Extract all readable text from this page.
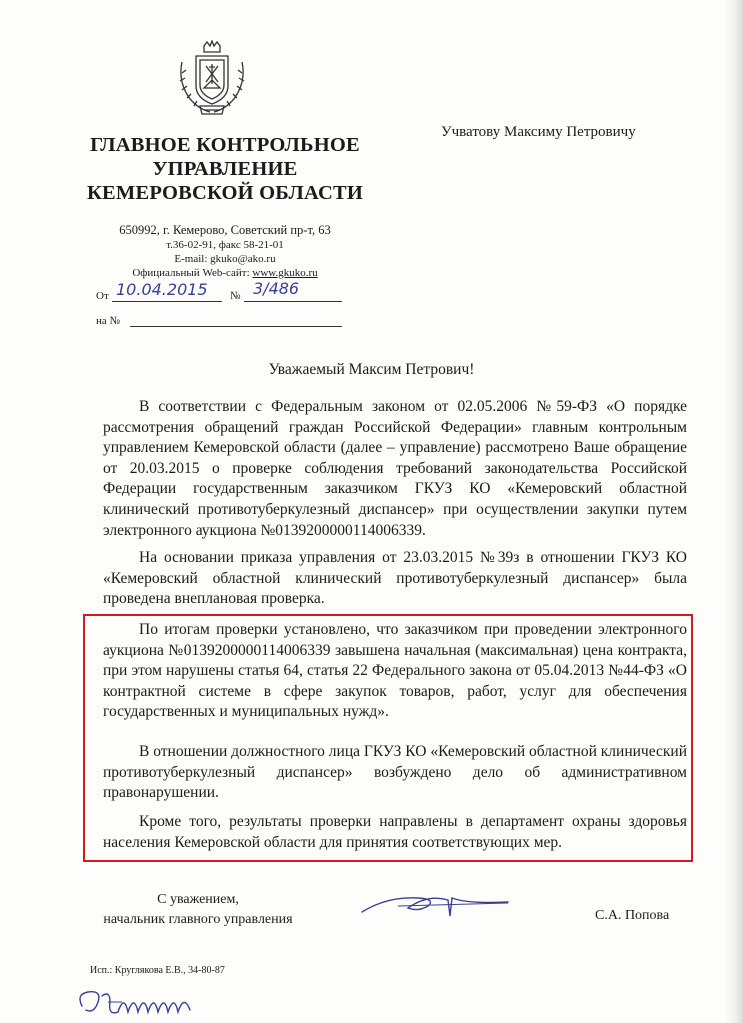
ГЛАВНОЕ КОНТРОЛЬНОЕ
УПРАВЛЕНИЕ
КЕМЕРОВСКОЙ ОБЛАСТИ
Учватову Максиму Петровичу
650992, г. Кемерово, Советский пр-т, 63
т.36-02-91, факс 58-21-01
E-mail: gkuko@ako.ru
Официальный Web-сайт: www.gkuko.ru
От 10.04.2015 № 3/486
на №
Уважаемый Максим Петрович!
В соответствии с Федеральным законом от 02.05.2006 №59-ФЗ «О порядке рассмотрения обращений граждан Российской Федерации» главным контрольным управлением Кемеровской области (далее – управление) рассмотрено Ваше обращение от 20.03.2015 о проверке соблюдения требований законодательства Российской Федерации государственным заказчиком ГКУЗ КО «Кемеровский областной клинический противотуберкулезный диспансер» при осуществлении закупки путем электронного аукциона №0139200000114006339.
На основании приказа управления от 23.03.2015 №39з в отношении ГКУЗ КО «Кемеровский областной клинический противотуберкулезный диспансер» была проведена внеплановая проверка.
По итогам проверки установлено, что заказчиком при проведении электронного аукциона №0139200000114006339 завышена начальная (максимальная) цена контракта, при этом нарушены статья 64, статья 22 Федерального закона от 05.04.2013 №44-ФЗ «О контрактной системе в сфере закупок товаров, работ, услуг для обеспечения государственных и муниципальных нужд».
В отношении должностного лица ГКУЗ КО «Кемеровский областной клинический противотуберкулезный диспансер» возбуждено дело об административном правонарушении.
Кроме того, результаты проверки направлены в департамент охраны здоровья населения Кемеровской области для принятия соответствующих мер.
С уважением,
начальник главного управления	С.А. Попова
Исп.: Круглякова Е.В., 34-80-87
